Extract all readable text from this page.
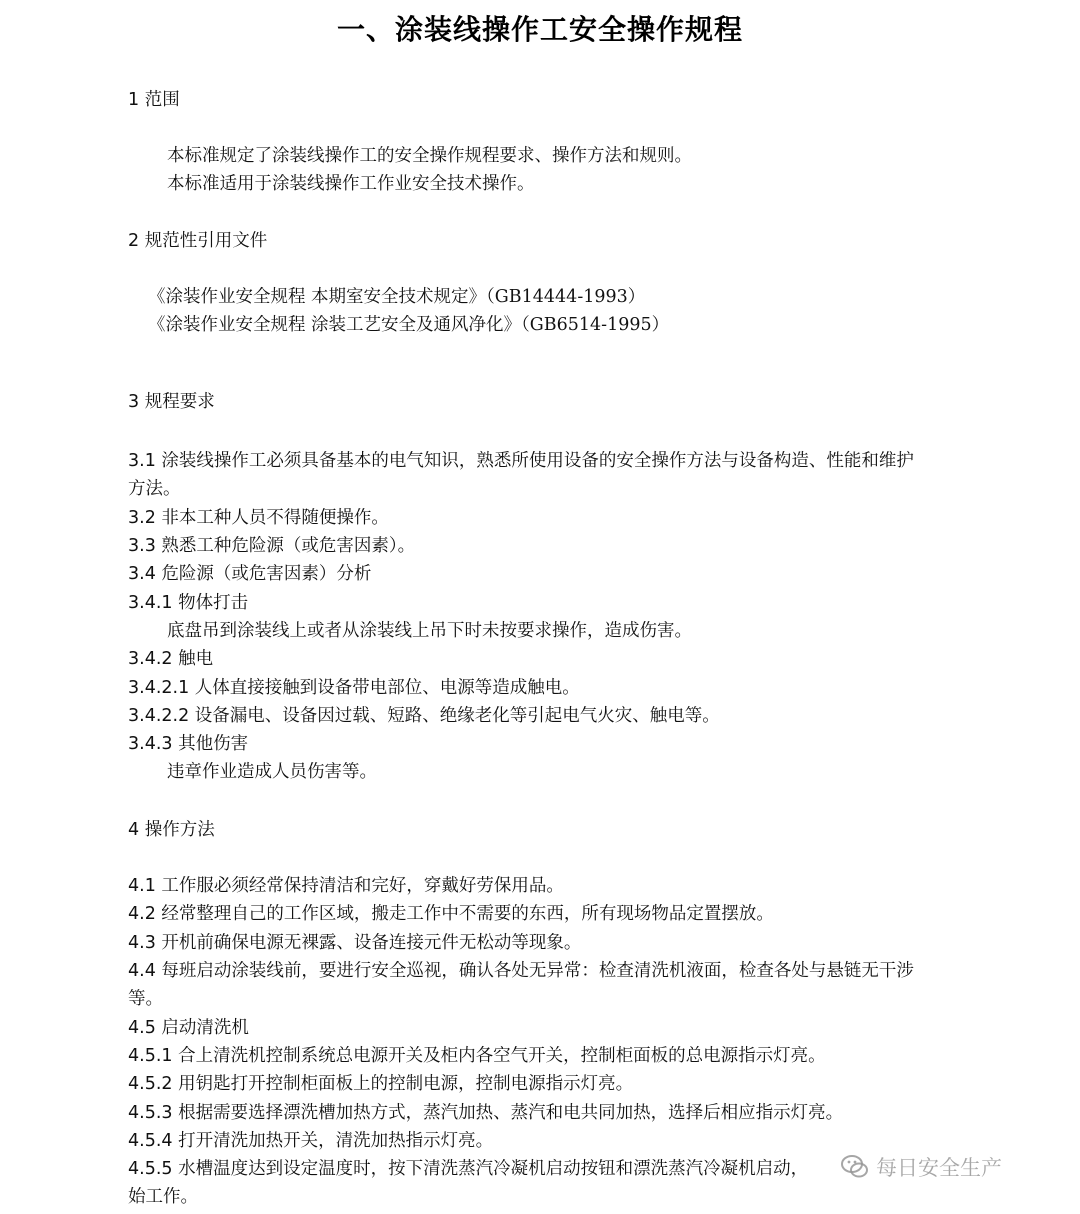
一、涂装线操作工安全操作规程
1 范围
本标准规定了涂装线操作工的安全操作规程要求、操作方法和规则。
本标准适用于涂装线操作工作业安全技术操作。
2 规范性引用文件
《涂装作业安全规程 本期室安全技术规定》（GB14444-1993）
《涂装作业安全规程 涂装工艺安全及通风净化》（GB6514-1995）
3 规程要求
3.1 涂装线操作工必须具备基本的电气知识，熟悉所使用设备的安全操作方法与设备构造、性能和维护
方法。
3.2 非本工种人员不得随便操作。
3.3 熟悉工种危险源（或危害因素）。
3.4 危险源（或危害因素）分析
3.4.1 物体打击
底盘吊到涂装线上或者从涂装线上吊下时未按要求操作，造成伤害。
3.4.2 触电
3.4.2.1 人体直接接触到设备带电部位、电源等造成触电。
3.4.2.2 设备漏电、设备因过载、短路、绝缘老化等引起电气火灾、触电等。
3.4.3 其他伤害
违章作业造成人员伤害等。
4 操作方法
4.1 工作服必须经常保持清洁和完好，穿戴好劳保用品。
4.2 经常整理自己的工作区域，搬走工作中不需要的东西，所有现场物品定置摆放。
4.3 开机前确保电源无裸露、设备连接元件无松动等现象。
4.4 每班启动涂装线前，要进行安全巡视，确认各处无异常：检查清洗机液面，检查各处与悬链无干涉
等。
4.5 启动清洗机
4.5.1 合上清洗机控制系统总电源开关及柜内各空气开关，控制柜面板的总电源指示灯亮。
4.5.2 用钥匙打开控制柜面板上的控制电源，控制电源指示灯亮。
4.5.3 根据需要选择漂洗槽加热方式，蒸汽加热、蒸汽和电共同加热，选择后相应指示灯亮。
4.5.4 打开清洗加热开关，清洗加热指示灯亮。
4.5.5 水槽温度达到设定温度时，按下清洗蒸汽冷凝机启动按钮和漂洗蒸汽冷凝机启动，
始工作。
每日安全生产
